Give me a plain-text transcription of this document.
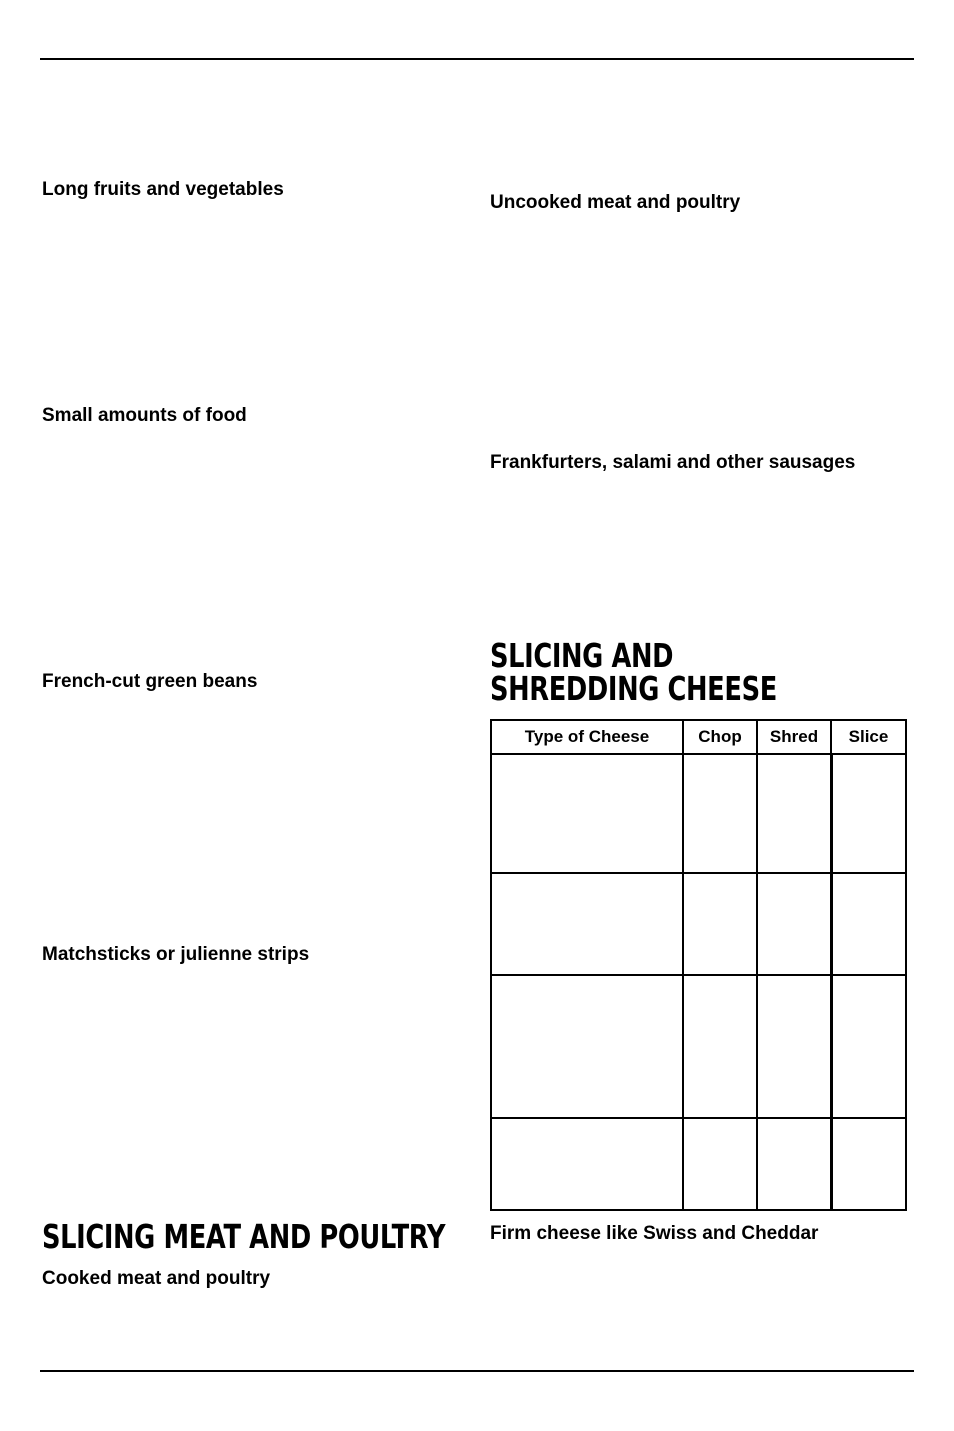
Long fruits and vegetables

Small amounts of food

French-cut green beans

Matchsticks or julienne strips

SLICING MEAT AND POULTRY

Cooked meat and poultry

Uncooked meat and poultry

Frankfurters, salami and other sausages

SLICING AND
SHREDDING CHEESE
Type of Cheese	Chop	Shred	Slice

Firm cheese like Swiss and Cheddar
